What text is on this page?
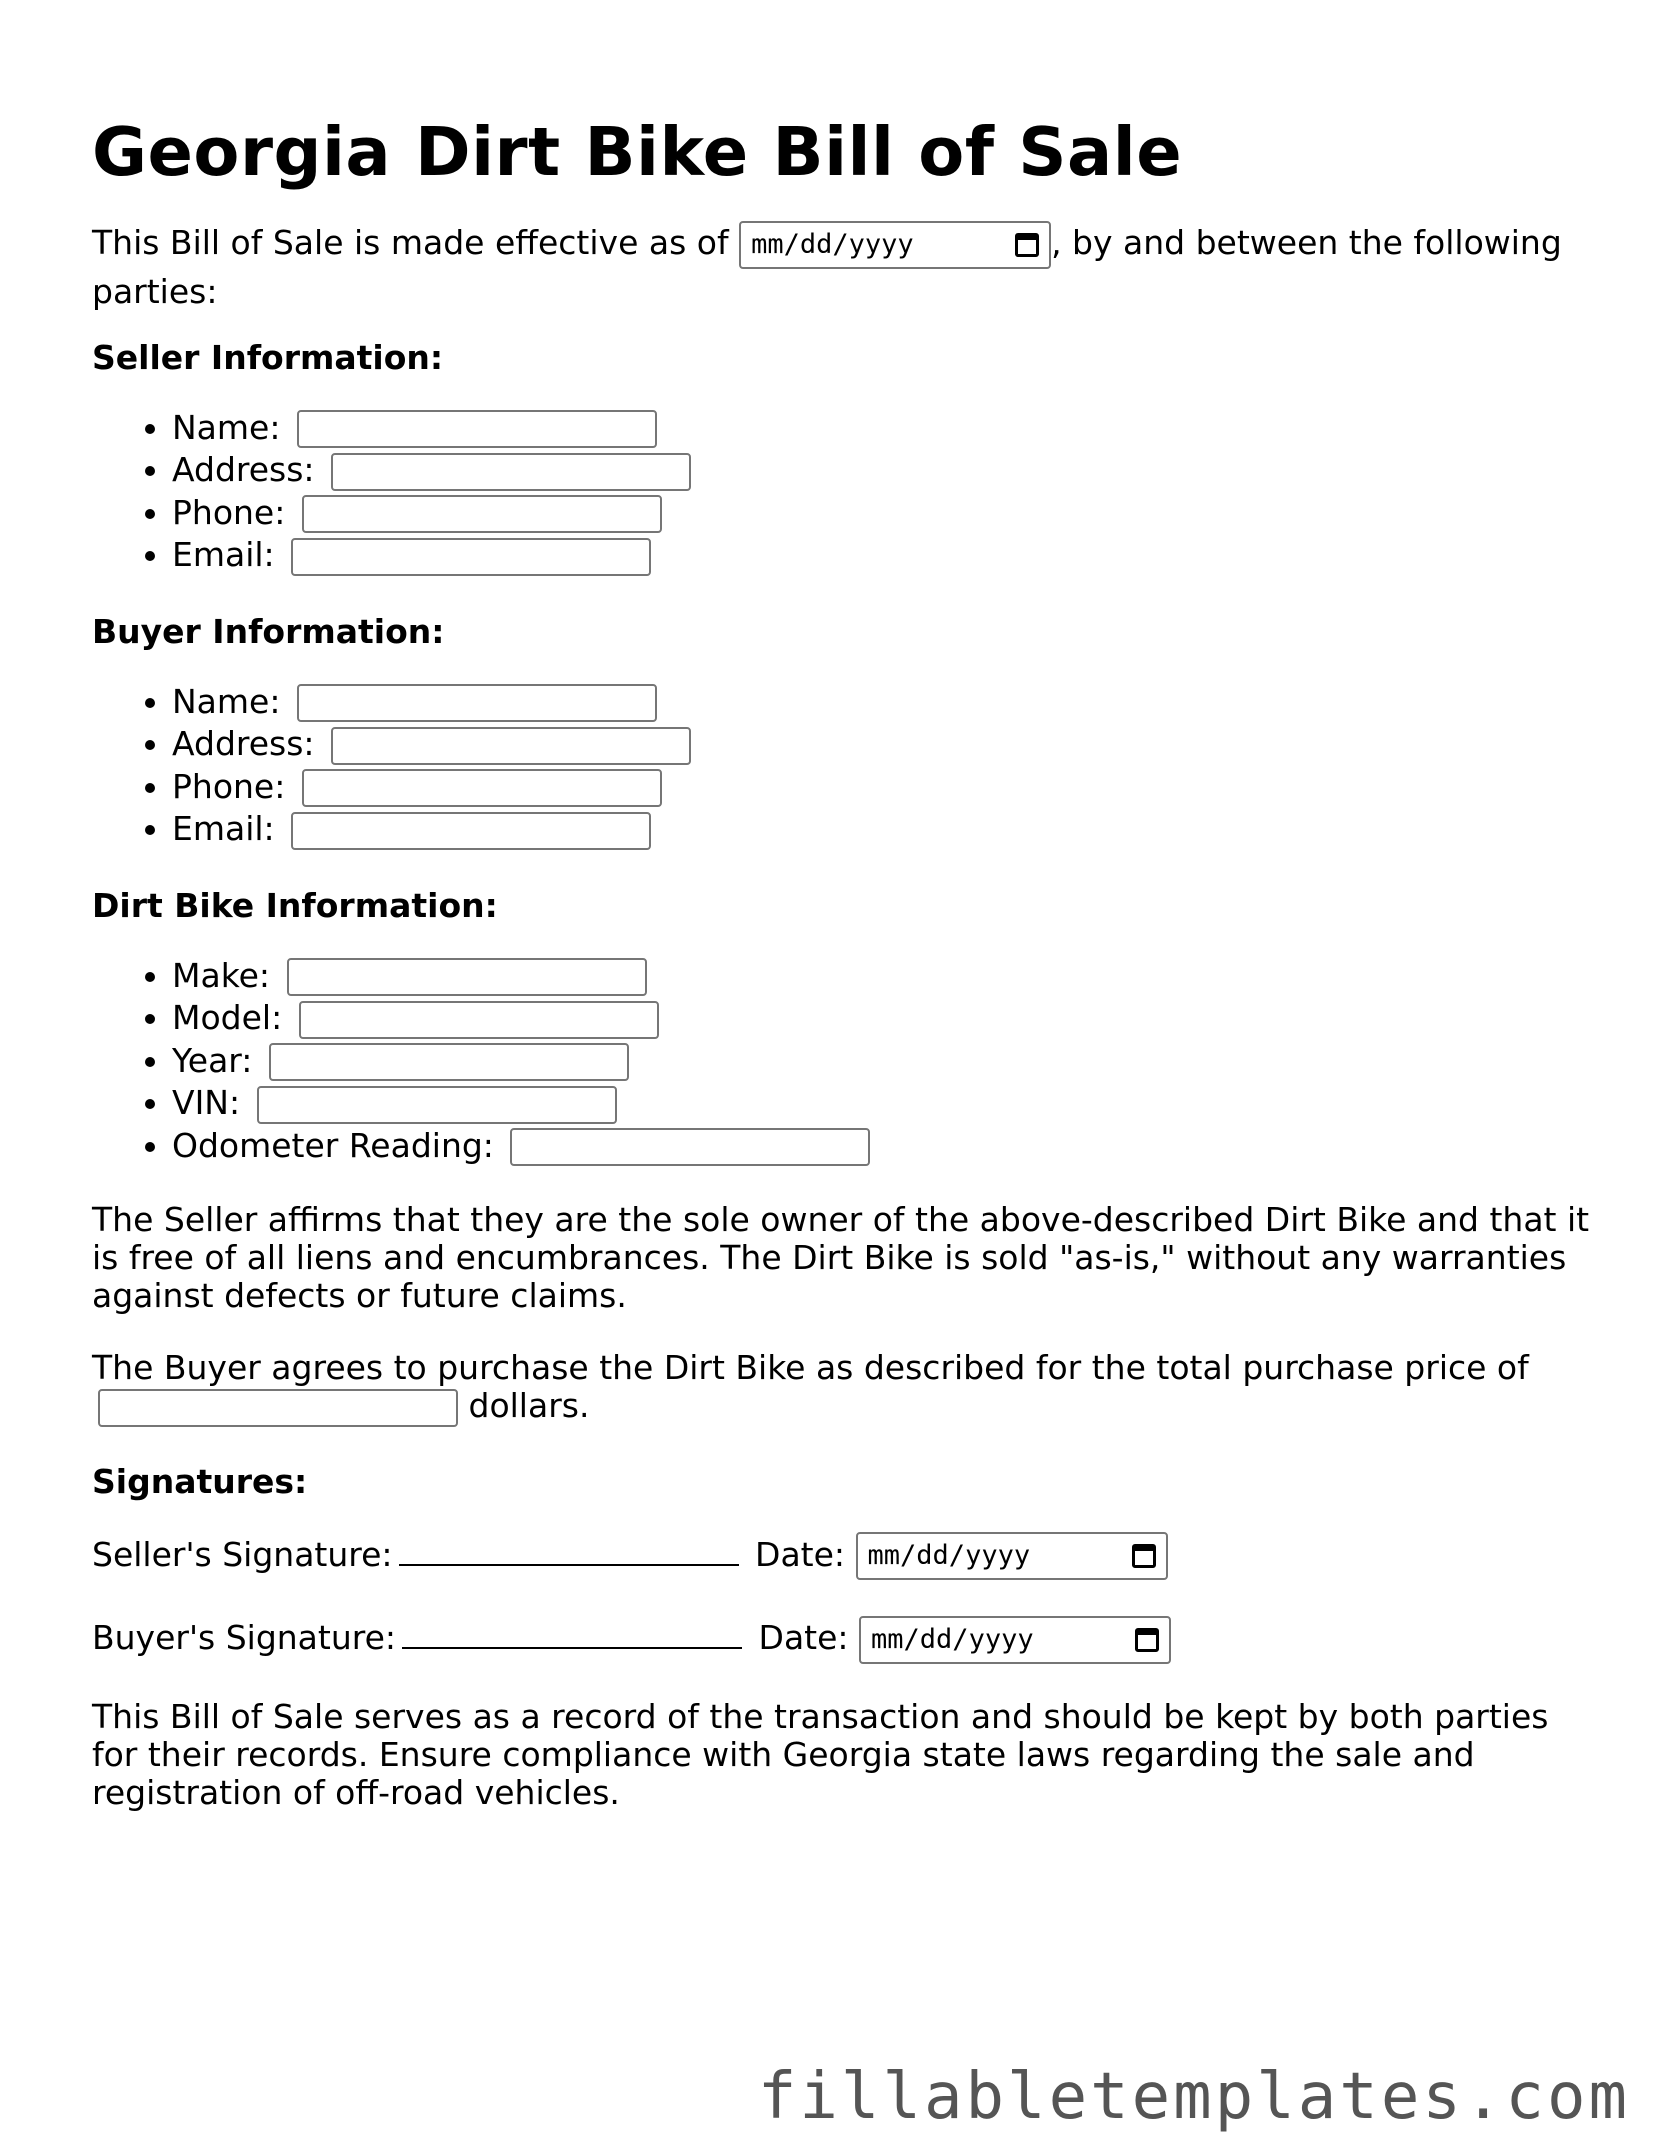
Georgia Dirt Bike Bill of Sale

This Bill of Sale is made effective as of mm/dd/yyyy	, by and between the following parties:

Seller Information:
• Name:
• Address:
• Phone:
• Email:
Buyer Information:
• Name:
• Address:
• Phone:
• Email:
Dirt Bike Information:
• Make:
• Model:
• Year:
• VIN:
• Odometer Reading:

The Seller affirms that they are the sole owner of the above-described Dirt Bike and that it is free of all liens and encumbrances. The Dirt Bike is sold "as-is," without any warranties against defects or future claims.

The Buyer agrees to purchase the Dirt Bike as described for the total purchase price of
dollars.

Signatures:
Seller's Signature:	Date: mm/dd/yyyy
Buyer's Signature:	Date: mm/dd/yyyy

This Bill of Sale serves as a record of the transaction and should be kept by both parties for their records. Ensure compliance with Georgia state laws regarding the sale and registration of off-road vehicles.

fillabletemplates.com
